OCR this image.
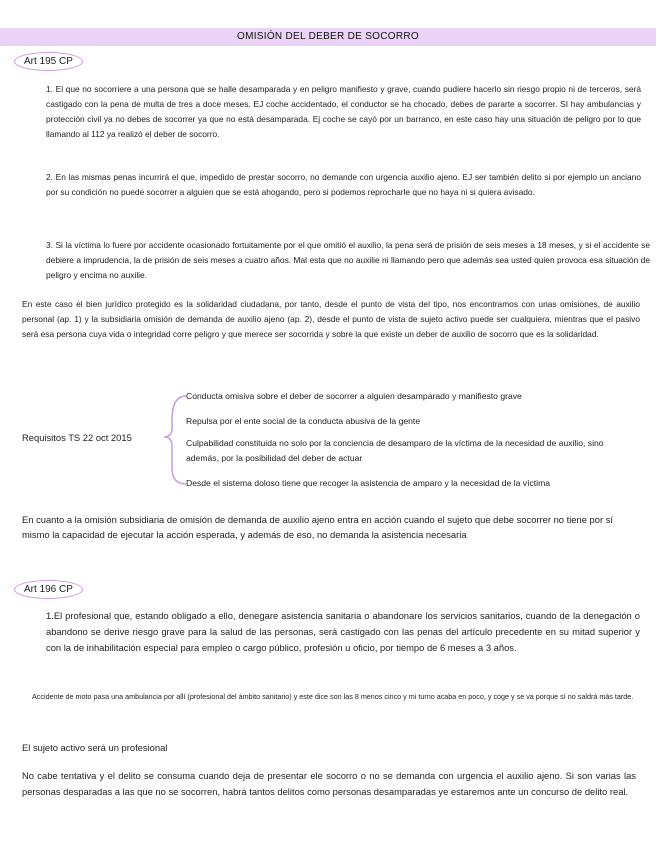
OMISIÓN DEL DEBER DE SOCORRO
Art 195 CP
1. El que no socorriere a una persona que se halle desamparada y en peligro manifiesto y grave, cuando pudiere hacerlo sin riesgo propio ni de terceros, será castigado con la pena de multa de tres a doce meses. EJ coche accidentado, el conductor se ha chocado, debes de pararte a socorrer. SI hay ambulancias y protección civil ya no debes de socorrer ya que no está desamparada. Ej coche se cayó por un barranco, en este caso hay una situación de peligro por lo que llamando al 112 ya realizó el deber de socorro.
2. En las mismas penas incurrirá el que, impedido de prestar socorro, no demande con urgencia auxilio ajeno. EJ ser también delito si por ejemplo un anciano por su condición no puede socorrer a alguien que se está ahogando, pero si podemos reprocharle que no haya ni si quiera avisado.
3. Si la víctima lo fuere por accidente ocasionado fortuitamente por el que omitió el auxilio, la pena será de prisión de seis meses a 18 meses, y si el accidente se debiere a imprudencia, la de prisión de seis meses a cuatro años. Mal esta que no auxilie ni llamando pero que además sea usted quien provoca esa situación de peligro y encima no auxilie.
En este caso el bien jurídico protegido es la solidaridad ciudadana, por tanto, desde el punto de vista del tipo, nos encontramos con unas omisiones, de auxilio personal (ap. 1) y la subsidiaria omisión de demanda de auxilio ajeno (ap. 2), desde el punto de vista de sujeto activo puede ser cualquiera, mientras que el pasivo será esa persona cuya vida o integridad corre peligro y que merece ser socorrida y sobre la que existe un deber de auxilio de socorro que es la solidaridad.
Requisitos TS 22 oct 2015
Conducta omisiva sobre el deber de socorrer a alguien desamparado y manifiesto grave
Repulsa por el ente social de la conducta abusiva de la gente
Culpabilidad constituida no solo por la conciencia de desamparo de la víctima de la necesidad de auxilio, sino además, por la posibilidad del deber de actuar
Desde el sistema doloso tiene que recoger la asistencia de amparo y la necesidad de la víctima
En cuanto a la omisión subsidiaria de omisión de demanda de auxilio ajeno entra en acción cuando el sujeto que debe socorrer no tiene por sí mismo la capacidad de ejecutar la acción esperada, y además de eso, no demanda la asistencia necesaria
Art 196 CP
1.El profesional que, estando obligado a ello, denegare asistencia sanitaria o abandonare los servicios sanitarios, cuando de la denegación o abandono se derive riesgo grave para la salud de las personas, será castigado con las penas del artículo precedente en su mitad superior y con la de inhabilitación especial para empleo o cargo público, profesión u oficio, por tiempo de 6 meses a 3 años.
Accidente de moto pasa una ambulancia por allí (profesional del ámbito sanitario) y este dice son las 8 menos cinco y mi turno acaba en poco, y coge y se va porque sí no saldrá más tarde.
El sujeto activo será un profesional
No cabe tentativa y el delito se consuma cuando deja de presentar ele socorro o no se demanda con urgencia el auxilio ajeno. Si son varias las personas desparadas a las que no se socorren, habrá tantos delitos como personas desamparadas ye estaremos ante un concurso de delito real.
